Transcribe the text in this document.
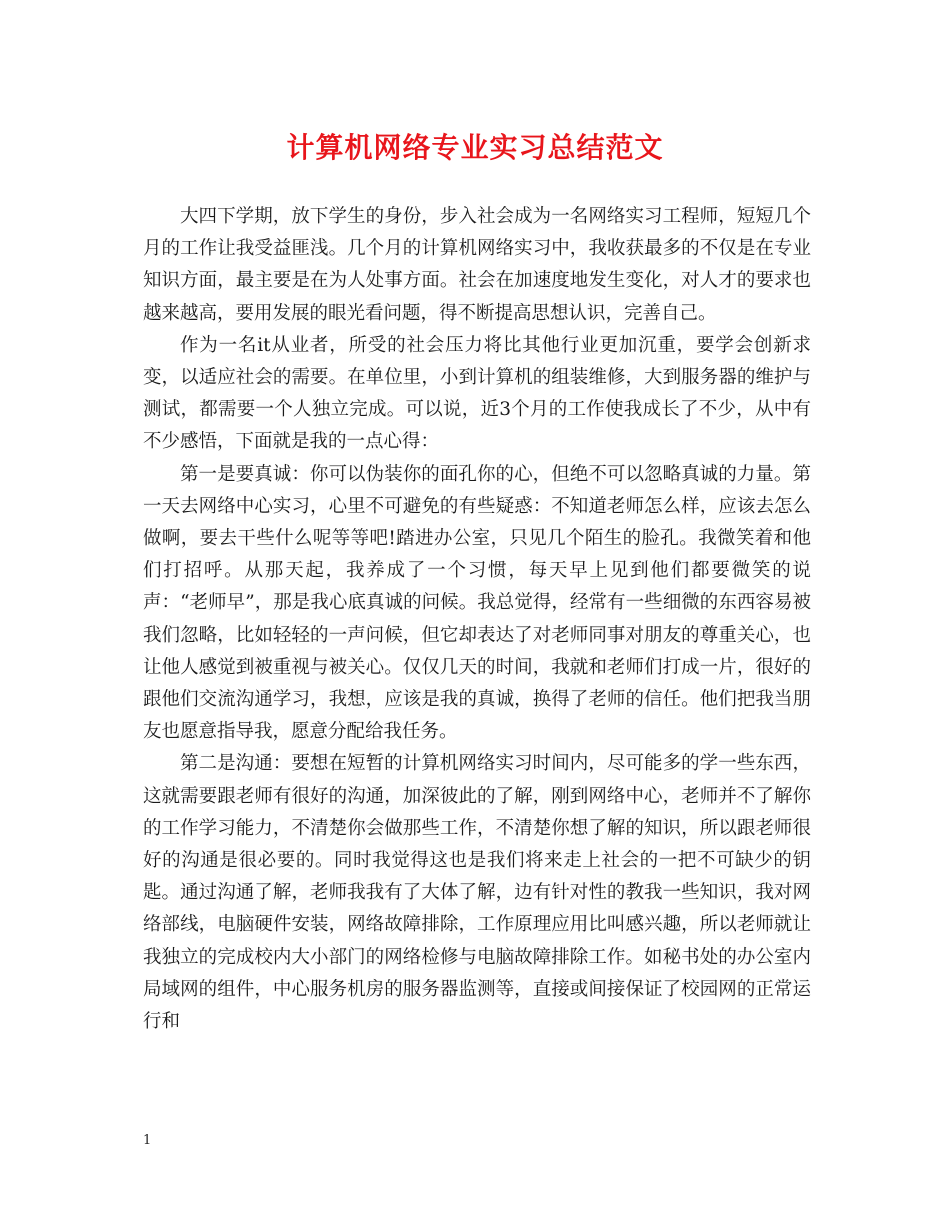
计算机网络专业实习总结范文

大四下学期，放下学生的身份，步入社会成为一名网络实习工程师，短短几个月的工作让我受益匪浅。几个月的计算机网络实习中，我收获最多的不仅是在专业知识方面，最主要是在为人处事方面。社会在加速度地发生变化，对人才的要求也越来越高，要用发展的眼光看问题，得不断提高思想认识，完善自己。

作为一名it从业者，所受的社会压力将比其他行业更加沉重，要学会创新求变，以适应社会的需要。在单位里，小到计算机的组装维修，大到服务器的维护与测试，都需要一个人独立完成。可以说，近3个月的工作使我成长了不少，从中有不少感悟，下面就是我的一点心得：

第一是要真诚：你可以伪装你的面孔你的心，但绝不可以忽略真诚的力量。第一天去网络中心实习，心里不可避免的有些疑惑：不知道老师怎么样，应该去怎么做啊，要去干些什么呢等等吧!踏进办公室，只见几个陌生的脸孔。我微笑着和他们打招呼。从那天起，我养成了一个习惯，每天早上见到他们都要微笑的说声：“老师早”，那是我心底真诚的问候。我总觉得，经常有一些细微的东西容易被我们忽略，比如轻轻的一声问候，但它却表达了对老师同事对朋友的尊重关心，也让他人感觉到被重视与被关心。仅仅几天的时间，我就和老师们打成一片，很好的跟他们交流沟通学习，我想，应该是我的真诚，换得了老师的信任。他们把我当朋友也愿意指导我，愿意分配给我任务。

第二是沟通：要想在短暂的计算机网络实习时间内，尽可能多的学一些东西，这就需要跟老师有很好的沟通，加深彼此的了解，刚到网络中心，老师并不了解你的工作学习能力，不清楚你会做那些工作，不清楚你想了解的知识，所以跟老师很好的沟通是很必要的。同时我觉得这也是我们将来走上社会的一把不可缺少的钥匙。通过沟通了解，老师我我有了大体了解，边有针对性的教我一些知识，我对网络部线，电脑硬件安装，网络故障排除，工作原理应用比叫感兴趣，所以老师就让我独立的完成校内大小部门的网络检修与电脑故障排除工作。如秘书处的办公室内局域网的组件，中心服务机房的服务器监测等，直接或间接保证了校园网的正常运行和

1
